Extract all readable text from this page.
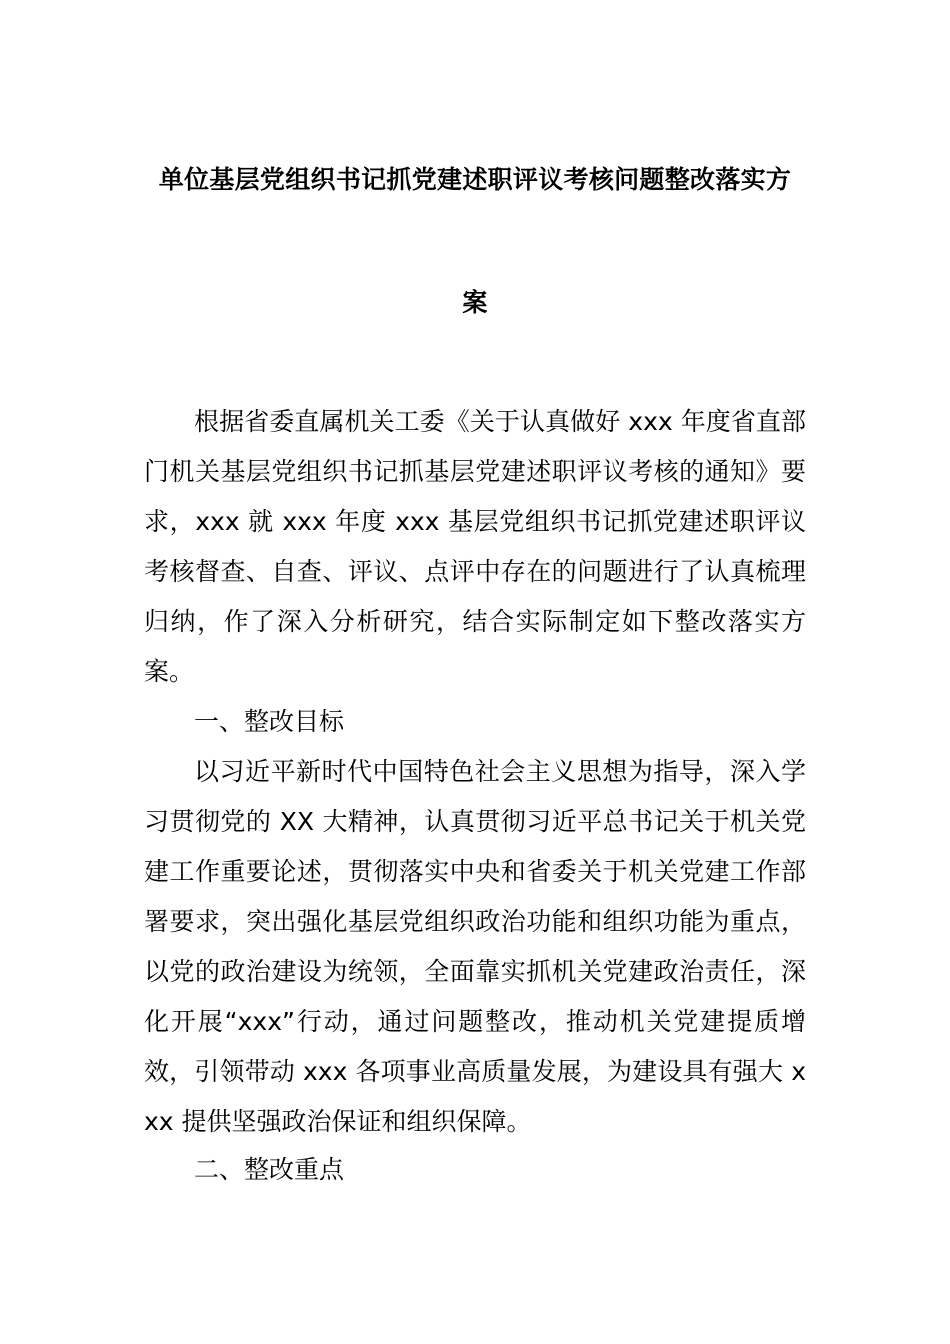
单位基层党组织书记抓党建述职评议考核问题整改落实方
案

根据省委直属机关工委《关于认真做好 xxx 年度省直部门机关基层党组织书记抓基层党建述职评议考核的通知》要求，xxx 就 xxx 年度 xxx 基层党组织书记抓党建述职评议考核督查、自查、评议、点评中存在的问题进行了认真梳理归纳，作了深入分析研究，结合实际制定如下整改落实方案。

一、整改目标

以习近平新时代中国特色社会主义思想为指导，深入学习贯彻党的 XX 大精神，认真贯彻习近平总书记关于机关党建工作重要论述，贯彻落实中央和省委关于机关党建工作部署要求，突出强化基层党组织政治功能和组织功能为重点，以党的政治建设为统领，全面靠实抓机关党建政治责任，深化开展“xxx”行动，通过问题整改，推动机关党建提质增效，引领带动 xxx 各项事业高质量发展，为建设具有强大 xxx 提供坚强政治保证和组织保障。

二、整改重点
